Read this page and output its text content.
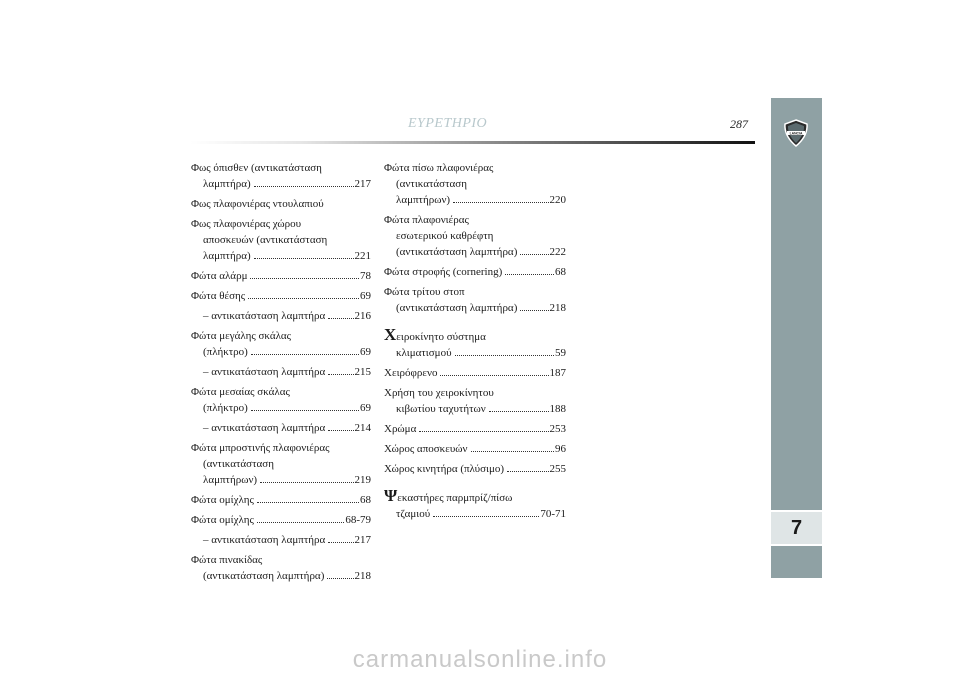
ΕΥΡΕΤΗΡΙΟ	287
LANCIA
7
Φως όπισθεν (αντικατάσταση
λαμπτήρα)	217
Φως πλαφονιέρας ντουλαπιού
Φως πλαφονιέρας χώρου
αποσκευών (αντικατάσταση
λαμπτήρα)	221
Φώτα αλάρμ	78
Φώτα θέσης	69
– αντικατάσταση λαμπτήρα	216
Φώτα μεγάλης σκάλας
(πλήκτρο)	69
– αντικατάσταση λαμπτήρα	215
Φώτα μεσαίας σκάλας
(πλήκτρο)	69
– αντικατάσταση λαμπτήρα	214
Φώτα μπροστινής πλαφονιέρας
(αντικατάσταση
λαμπτήρων)	219
Φώτα ομίχλης	68
Φώτα ομίχλης	68-79
– αντικατάσταση λαμπτήρα	217
Φώτα πινακίδας
(αντικατάσταση λαμπτήρα)	218
Φώτα πίσω πλαφονιέρας
(αντικατάσταση
λαμπτήρων)	220
Φώτα πλαφονιέρας
εσωτερικού καθρέφτη
(αντικατάσταση λαμπτήρα)	222
Φώτα στροφής (cornering)	68
Φώτα τρίτου στοπ
(αντικατάσταση λαμπτήρα)	218
Χειροκίνητο σύστημα
κλιματισμού	59
Χειρόφρενο	187
Χρήση του χειροκίνητου
κιβωτίου ταχυτήτων	188
Χρώμα	253
Χώρος αποσκευών	96
Χώρος κινητήρα (πλύσιμο)	255
Ψεκαστήρες παρμπρίζ/πίσω
τζαμιού	70-71
carmanualsonline.info
